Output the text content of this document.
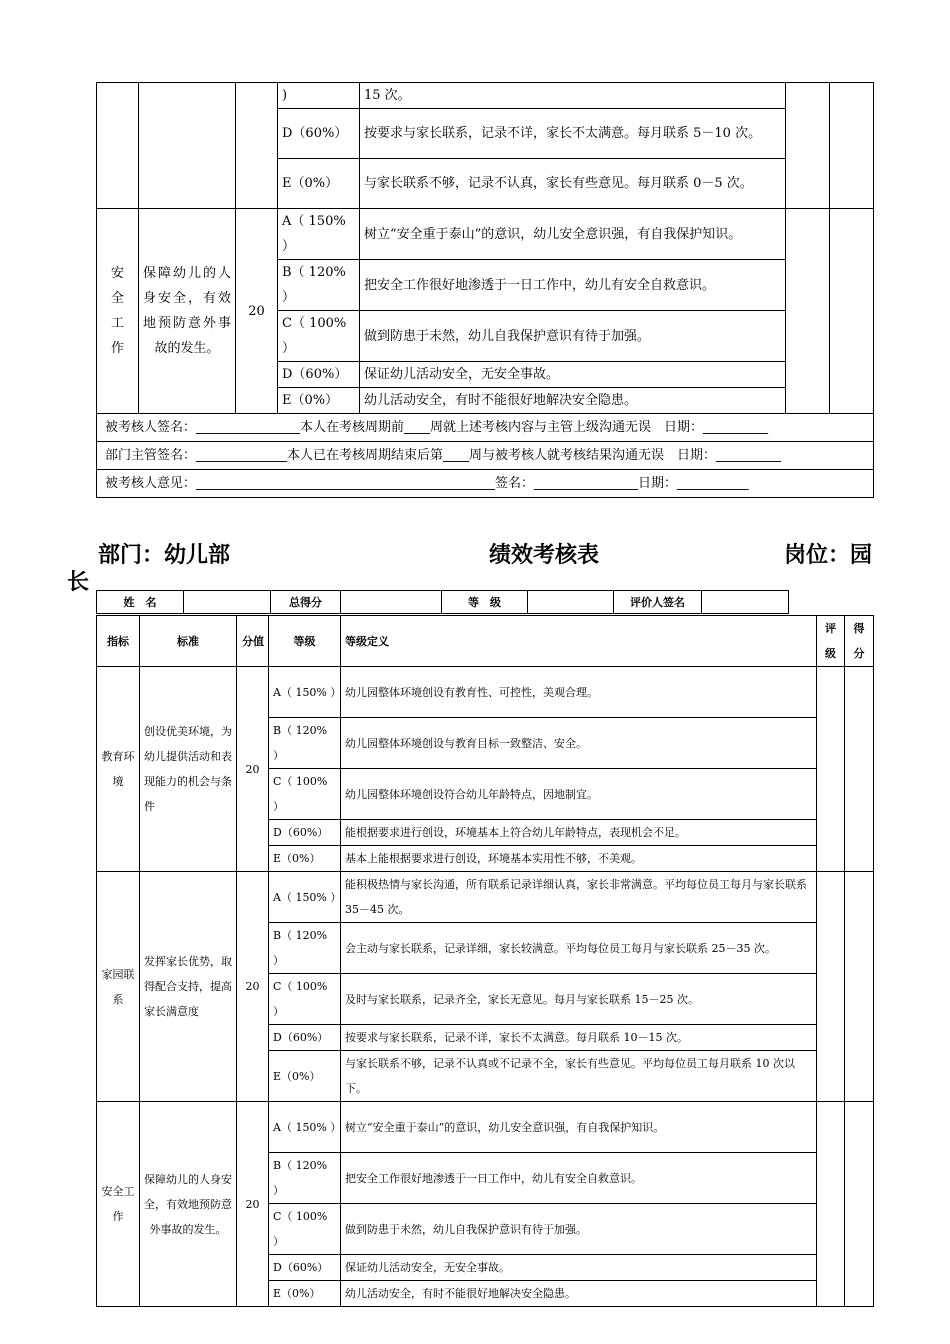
			)	15 次。		
			D（60%）	按要求与家长联系，记录不详，家长不太满意。每月联系 5－10 次。		
			E（0%）	与家长联系不够，记录不认真，家长有些意见。每月联系 0－5 次。		
安全工作	保障幼儿的人身安全，有效地预防意外事故的发生。	20	A（ 150% ）	树立“安全重于泰山”的意识，幼儿安全意识强，有自我保护知识。		
			B（ 120% ）	把安全工作很好地渗透于一日工作中，幼儿有安全自救意识。		
			C（ 100% ）	做到防患于未然，幼儿自我保护意识有待于加强。		
			D（60%）	保证幼儿活动安全，无安全事故。		
			E（0%）	幼儿活动安全，有时不能很好地解决安全隐患。		
被考核人签名：________________本人在考核周期前____周就上述考核内容与主管上级沟通无误　日期：__________						
部门主管签名：______________本人已在考核周期结束后第____周与被考核人就考核结果沟通无误　日期：__________						
被考核人意见：______________________________________________签名：________________日期：___________						
部门：幼儿部	绩效考核表	岗位：园
长
姓　名		总得分		等　级		评价人签名	
指标	标准	分值	等级	等级定义	评级	得分
教育环境	创设优美环境，为幼儿提供活动和表现能力的机会与条件	20	A（ 150% ）	幼儿园整体环境创设有教育性、可控性，美观合理。		
			B（ 120% ）	幼儿园整体环境创设与教育目标一致整洁、安全。		
			C（ 100% ）	幼儿园整体环境创设符合幼儿年龄特点，因地制宜。		
			D（60%）	能根据要求进行创设，环境基本上符合幼儿年龄特点，表现机会不足。		
			E（0%）	基本上能根据要求进行创设，环境基本实用性不够，不美观。		
家园联系	发挥家长优势，取得配合支持，提高家长满意度	20	A（ 150% ）	能积极热情与家长沟通，所有联系记录详细认真，家长非常满意。平均每位员工每月与家长联系 35－45 次。		
			B（ 120% ）	会主动与家长联系，记录详细，家长较满意。平均每位员工每月与家长联系 25－35 次。		
			C（ 100% ）	及时与家长联系，记录齐全，家长无意见。每月与家长联系 15－25 次。		
			D（60%）	按要求与家长联系，记录不详，家长不太满意。每月联系 10－15 次。		
			E（0%）	与家长联系不够，记录不认真或不记录不全，家长有些意见。平均每位员工每月联系 10 次以下。		
安全工作	保障幼儿的人身安全，有效地预防意外事故的发生。	20	A（ 150% ）	树立“安全重于泰山”的意识，幼儿安全意识强，有自我保护知识。		
			B（ 120% ）	把安全工作很好地渗透于一日工作中，幼儿有安全自救意识。		
			C（ 100% ）	做到防患于未然，幼儿自我保护意识有待于加强。		
			D（60%）	保证幼儿活动安全，无安全事故。		
			E（0%）	幼儿活动安全，有时不能很好地解决安全隐患。		
